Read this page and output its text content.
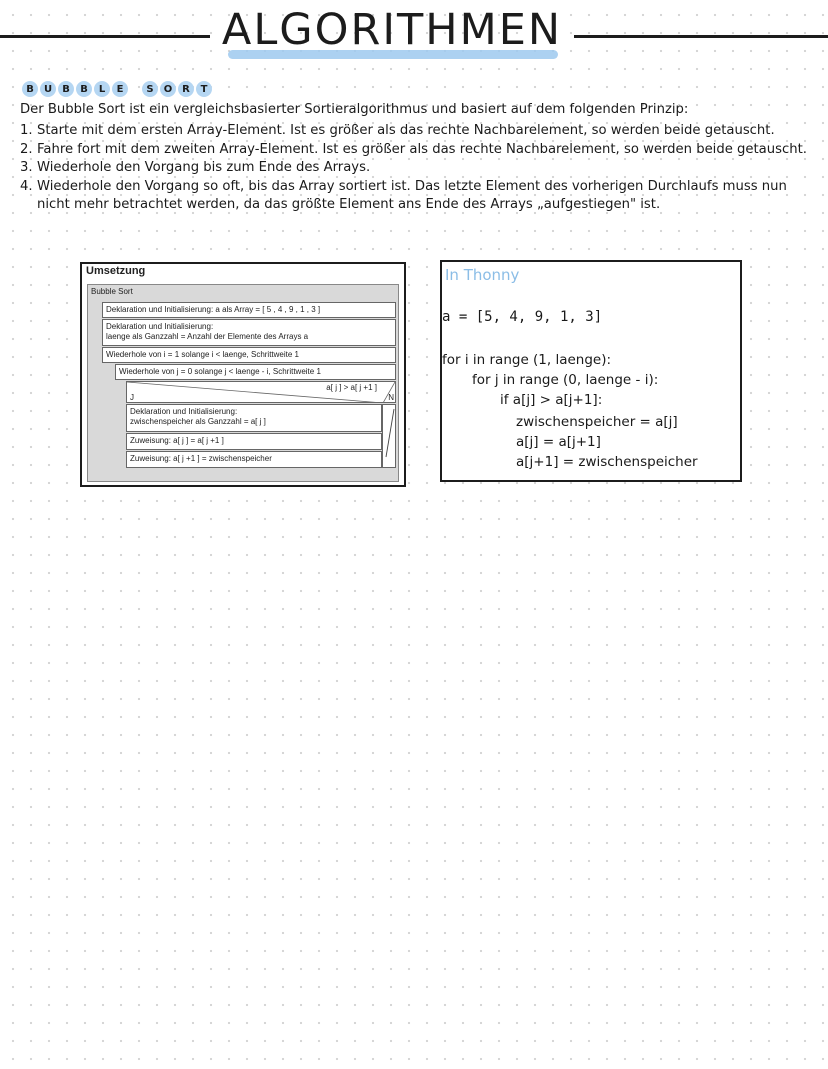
ALGORITHMEN
B	U	B	B	L	E	S	O R	T
Der Bubble Sort ist ein vergleichsbasierter Sortieralgorithmus und basiert auf dem folgenden Prinzip:
1. Starte mit dem ersten Array-Element. Ist es größer als das rechte Nachbarelement, so werden beide getauscht.
2. Fahre fort mit dem zweiten Array-Element. Ist es größer als das rechte Nachbarelement, so werden beide getauscht.
3. Wiederhole den Vorgang bis zum Ende des Arrays.
4. Wiederhole den Vorgang so oft, bis das Array sortiert ist. Das letzte Element des vorherigen Durchlaufs muss nun nicht mehr betrachtet werden, da das größte Element ans Ende des Arrays „aufgestiegen" ist.
Umsetzung
Bubble Sort
Deklaration und Initialisierung: a als Array = [ 5 , 4 , 9 , 1 , 3 ]
Deklaration und Initialisierung:
laenge als Ganzzahl = Anzahl der Elemente des Arrays a
Wiederhole von i = 1 solange i < laenge, Schrittweite 1
Wiederhole von j = 0 solange j < laenge - i, Schrittweite 1
a[ j ] > a[ j +1 ]
J	N
Deklaration und Initialisierung:
zwischenspeicher als Ganzzahl = a[ j ]
Zuweisung: a[ j ] = a[ j +1 ]
Zuweisung: a[ j +1 ] = zwischenspeicher
In Thonny
a = [5, 4, 9, 1, 3]
for i in range (1, laenge):
for j in range (0, laenge - i):
if a[j] > a[j+1]:
zwischenspeicher = a[j]
a[j] = a[j+1]
a[j+1] = zwischenspeicher
